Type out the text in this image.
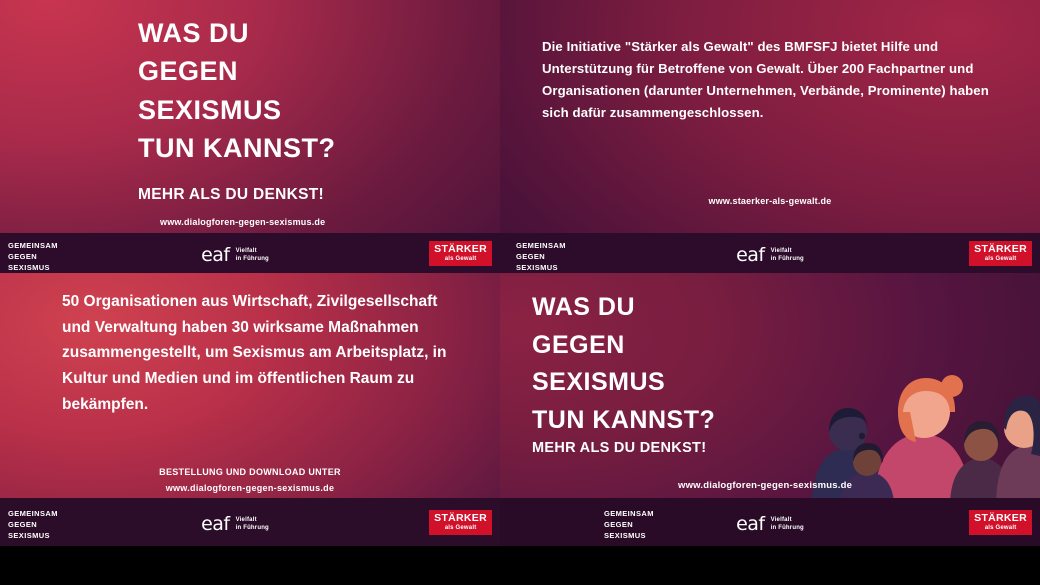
WAS DU
GEGEN
SEXISMUS
TUN KANNST?
MEHR ALS DU DENKST!
www.dialogforen-gegen-sexismus.de
GEMEINSAM
GEGEN
SEXISMUS
eaf Vielfalt
in Führung
STÄRKER
als Gewalt
Die Initiative "Stärker als Gewalt" des BMFSFJ bietet Hilfe und Unterstützung für Betroffene von Gewalt. Über 200 Fachpartner und Organisationen (darunter Unternehmen, Verbände, Prominente) haben sich dafür zusammengeschlossen.
www.staerker-als-gewalt.de
GEMEINSAM
GEGEN
SEXISMUS
eaf Vielfalt
in Führung
STÄRKER
als Gewalt
50 Organisationen aus Wirtschaft, Zivilgesellschaft und Verwaltung haben 30 wirksame Maßnahmen zusammengestellt, um Sexismus am Arbeitsplatz, in Kultur und Medien und im öffentlichen Raum zu bekämpfen.
BESTELLUNG UND DOWNLOAD UNTER
www.dialogforen-gegen-sexismus.de
GEMEINSAM
GEGEN
SEXISMUS
eaf Vielfalt
in Führung
STÄRKER
als Gewalt
WAS DU
GEGEN
SEXISMUS
TUN KANNST?
MEHR ALS DU DENKST!
www.dialogforen-gegen-sexismus.de
GEMEINSAM
GEGEN
SEXISMUS
eaf Vielfalt
in Führung
STÄRKER
als Gewalt
